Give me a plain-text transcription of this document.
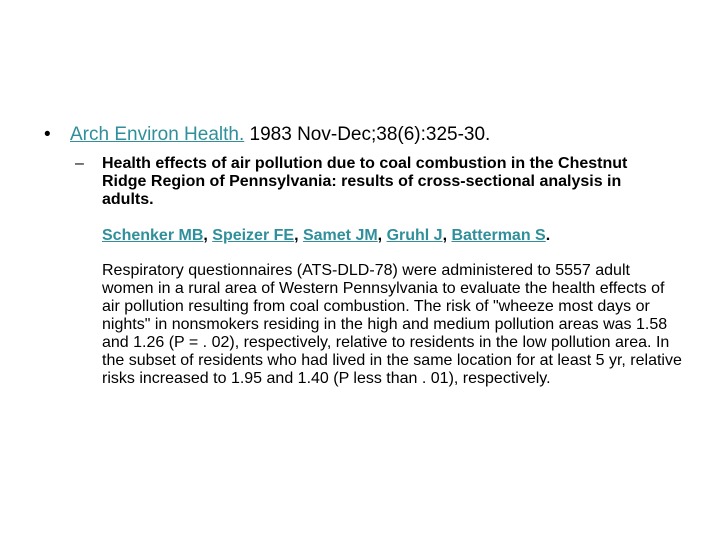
• Arch Environ Health. 1983 Nov-Dec;38(6):325-30.
– Health effects of air pollution due to coal combustion in the Chestnut Ridge Region of Pennsylvania: results of cross-sectional analysis in adults.
Schenker MB, Speizer FE, Samet JM, Gruhl J, Batterman S.
Respiratory questionnaires (ATS-DLD-78) were administered to 5557 adult women in a rural area of Western Pennsylvania to evaluate the health effects of air pollution resulting from coal combustion. The risk of "wheeze most days or nights" in nonsmokers residing in the high and medium pollution areas was 1.58 and 1.26 (P = . 02), respectively, relative to residents in the low pollution area. In the subset of residents who had lived in the same location for at least 5 yr, relative risks increased to 1.95 and 1.40 (P less than . 01), respectively.
